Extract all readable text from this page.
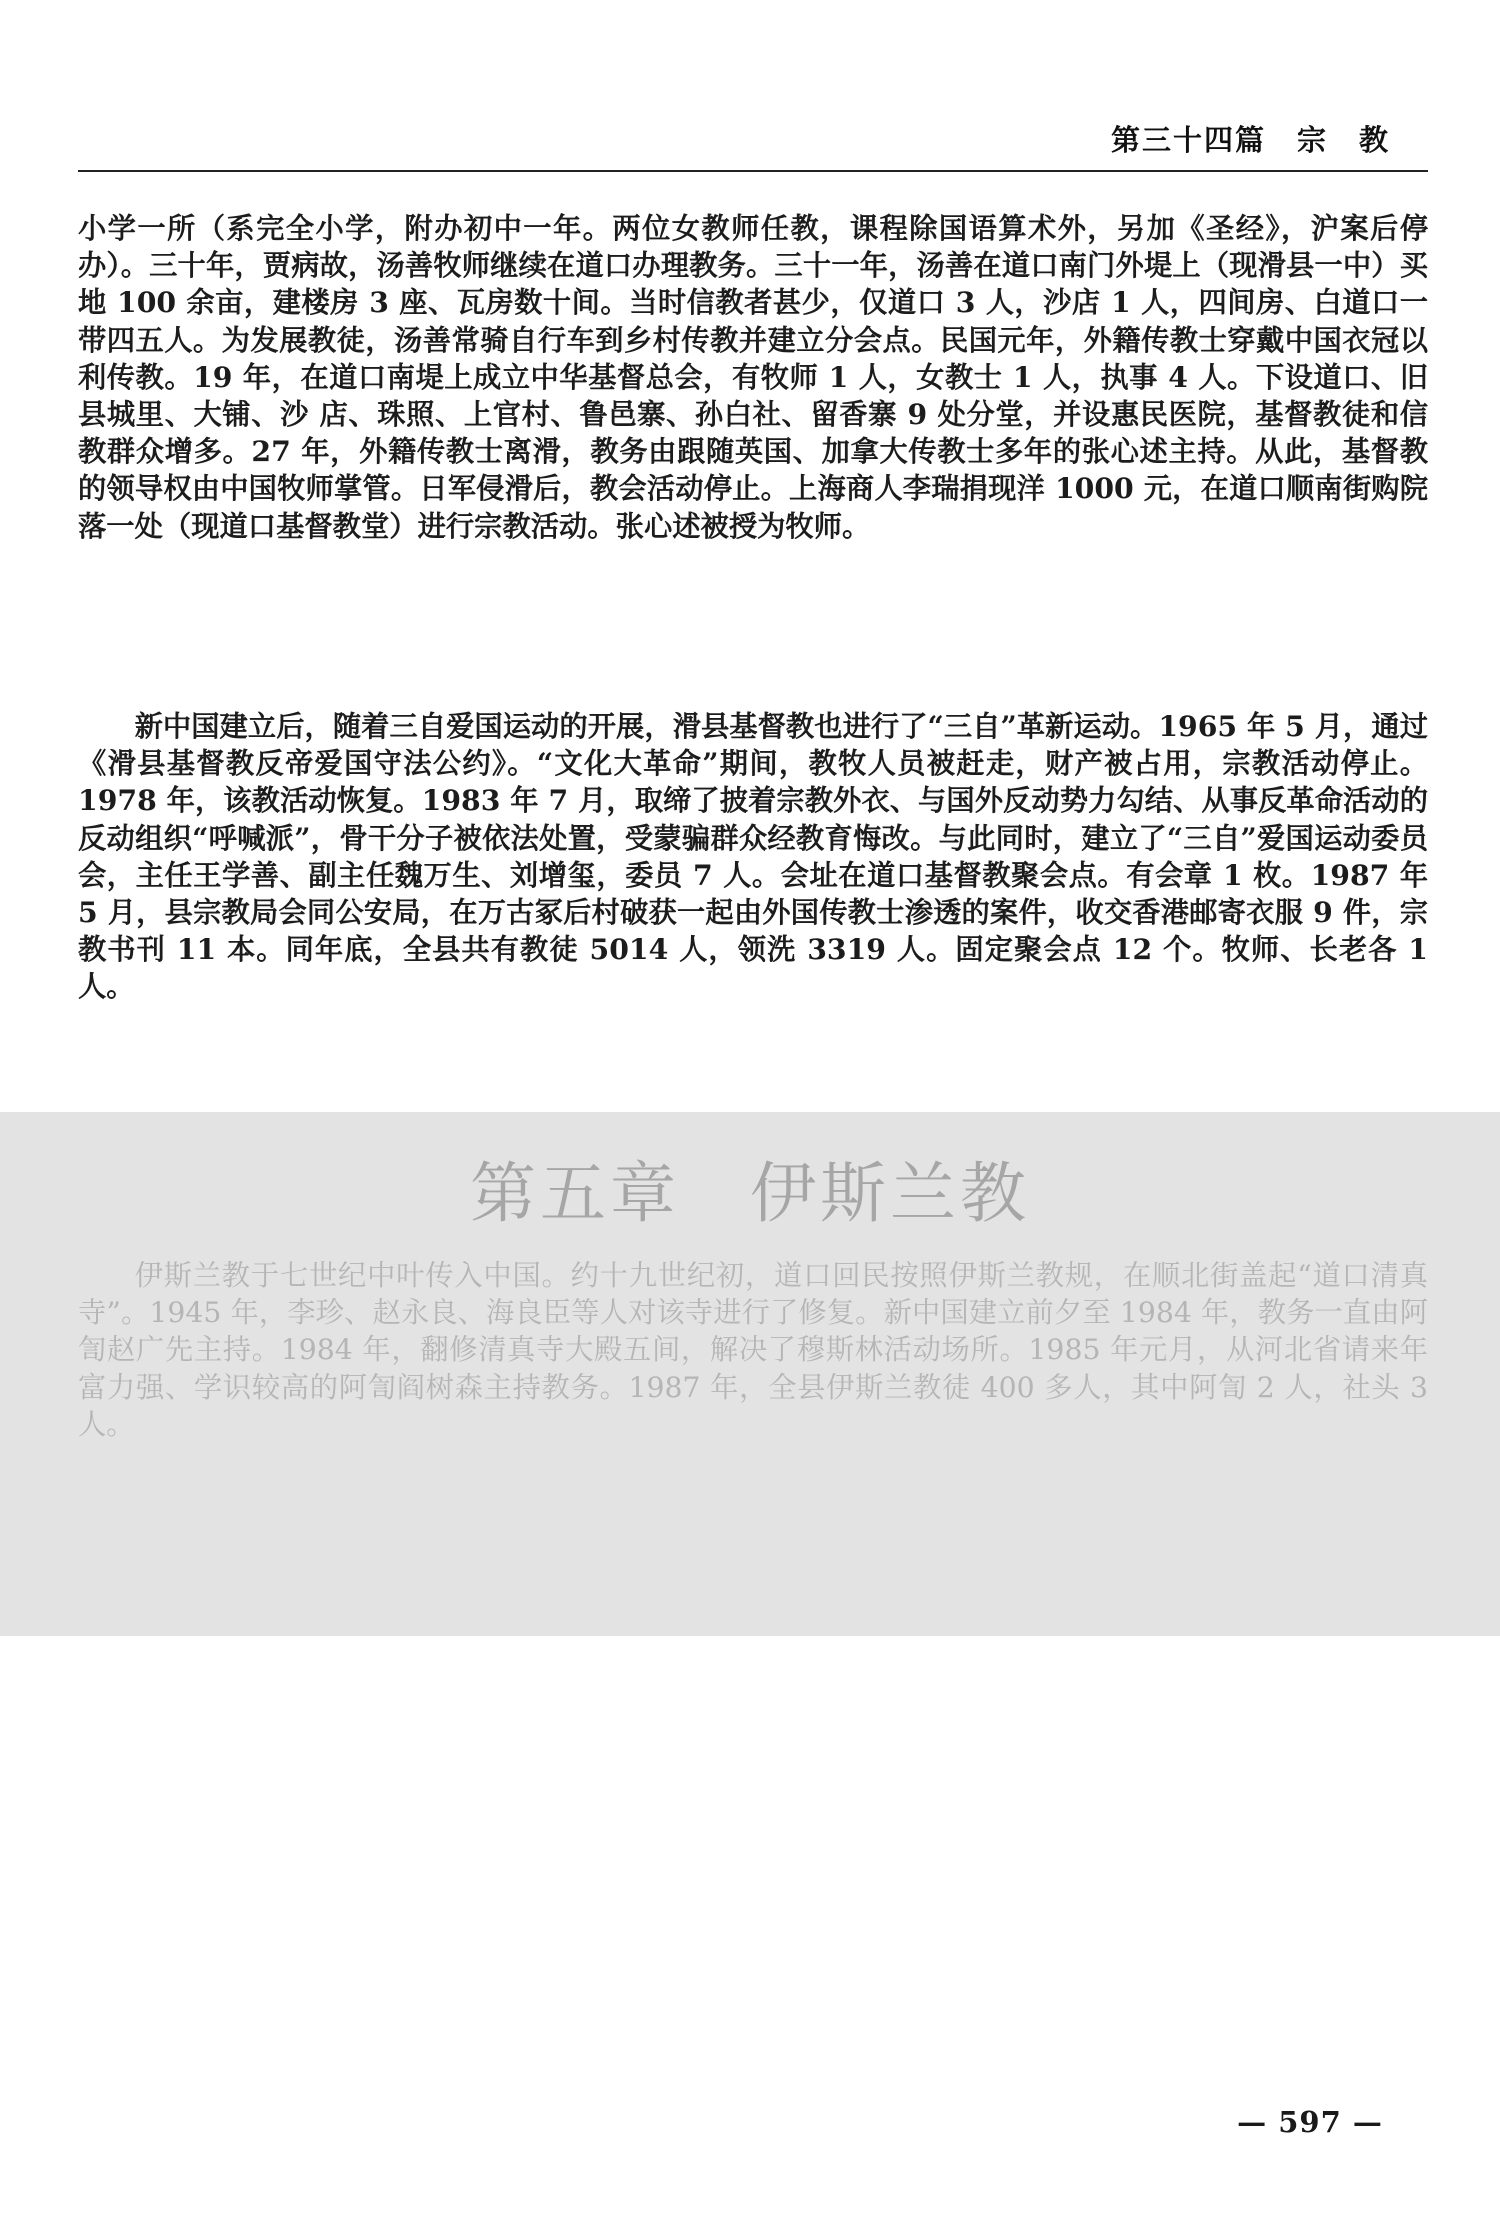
第三十四篇　宗　教

小学一所（系完全小学，附办初中一年。两位女教师任教，课程除国语算术外，另加《圣经》，沪案后停办）。三十年，贾病故，汤善牧师继续在道口办理教务。三十一年，汤善在道口南门外堤上（现滑县一中）买地 100 余亩，建楼房 3 座、瓦房数十间。当时信教者甚少，仅道口 3 人，沙店 1 人，四间房、白道口一带四五人。为发展教徒，汤善常骑自行车到乡村传教并建立分会点。民国元年，外籍传教士穿戴中国衣冠以利传教。19 年，在道口南堤上成立中华基督总会，有牧师 1 人，女教士 1 人，执事 4 人。下设道口、旧县城里、大铺、沙 店、珠照、上官村、鲁邑寨、孙白社、留香寨 9 处分堂，并设惠民医院，基督教徒和信教群众增多。27 年，外籍传教士离滑，教务由跟随英国、加拿大传教士多年的张心述主持。从此，基督教的领导权由中国牧师掌管。日军侵滑后，教会活动停止。上海商人李瑞捐现洋 1000 元，在道口顺南街购院落一处（现道口基督教堂）进行宗教活动。张心述被授为牧师。

新中国建立后，随着三自爱国运动的开展，滑县基督教也进行了“三自”革新运动。1965 年 5 月，通过《滑县基督教反帝爱国守法公约》。“文化大革命”期间，教牧人员被赶走，财产被占用，宗教活动停止。1978 年，该教活动恢复。1983 年 7 月，取缔了披着宗教外衣、与国外反动势力勾结、从事反革命活动的反动组织“呼喊派”，骨干分子被依法处置，受蒙骗群众经教育悔改。与此同时，建立了“三自”爱国运动委员会，主任王学善、副主任魏万生、刘增玺，委员 7 人。会址在道口基督教聚会点。有会章 1 枚。1987 年 5 月，县宗教局会同公安局，在万古冢后村破获一起由外国传教士渗透的案件，收交香港邮寄衣服 9 件，宗教书刊 11 本。同年底，全县共有教徒 5014 人，领洗 3319 人。固定聚会点 12 个。牧师、长老各 1 人。

第五章　伊斯兰教

伊斯兰教于七世纪中叶传入中国。约十九世纪初，道口回民按照伊斯兰教规，在顺北街盖起“道口清真寺”。1945 年，李珍、赵永良、海良臣等人对该寺进行了修复。新中国建立前夕至 1984 年，教务一直由阿訇赵广先主持。1984 年，翻修清真寺大殿五间，解决了穆斯林活动场所。1985 年元月，从河北省请来年富力强、学识较高的阿訇阎树森主持教务。1987 年，全县伊斯兰教徒 400 多人，其中阿訇 2 人，社头 3 人。

— 597 —
